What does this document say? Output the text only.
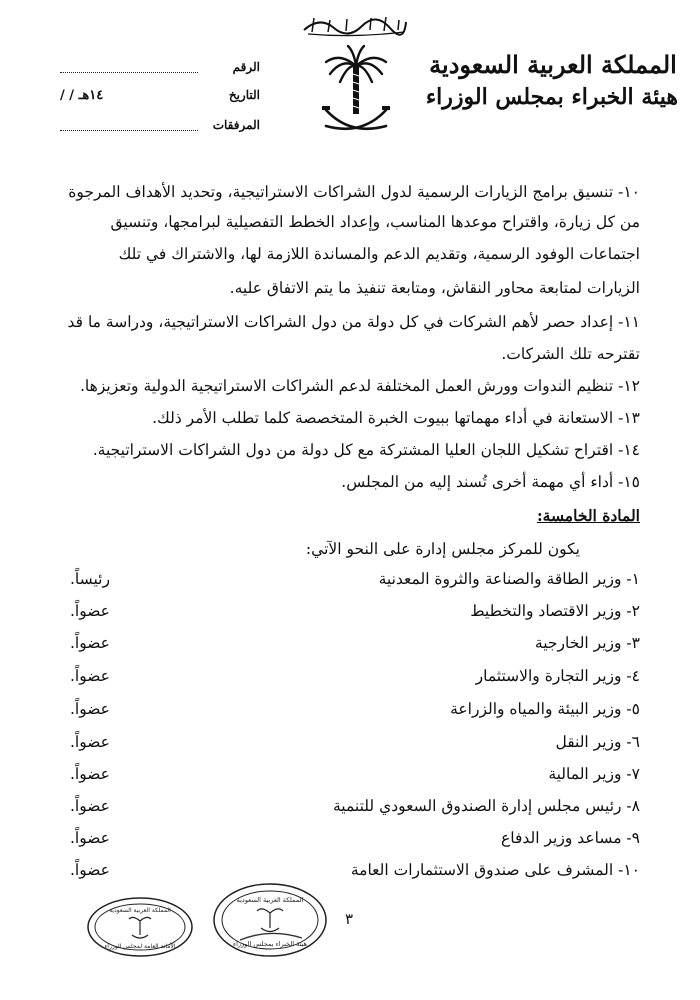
المملكة العربية السعودية
هيئة الخبراء بمجلس الوزراء
الرقم
التاريخ
/ / ١٤هـ
المرفقات
١٠- تنسيق برامج الزيارات الرسمية لدول الشراكات الاستراتيجية، وتحديد الأهداف المرجوة
من كل زيارة، واقتراح موعدها المناسب، وإعداد الخطط التفصيلية لبرامجها، وتنسيق
اجتماعات الوفود الرسمية، وتقديم الدعم والمساندة اللازمة لها، والاشتراك في تلك
الزيارات لمتابعة محاور النقاش، ومتابعة تنفيذ ما يتم الاتفاق عليه.
١١- إعداد حصر لأهم الشركات في كل دولة من دول الشراكات الاستراتيجية، ودراسة ما قد
تقترحه تلك الشركات.
١٢- تنظيم الندوات وورش العمل المختلفة لدعم الشراكات الاستراتيجية الدولية وتعزيزها.
١٣- الاستعانة في أداء مهماتها ببيوت الخبرة المتخصصة كلما تطلب الأمر ذلك.
١٤- اقتراح تشكيل اللجان العليا المشتركة مع كل دولة من دول الشراكات الاستراتيجية.
١٥- أداء أي مهمة أخرى تُسند إليه من المجلس.
المادة الخامسة:
يكون للمركز مجلس إدارة على النحو الآتي:
١- وزير الطاقة والصناعة والثروة المعدنية
رئيساً.
٢- وزير الاقتصاد والتخطيط
عضواً.
٣- وزير الخارجية
عضواً.
٤- وزير التجارة والاستثمار
عضواً.
٥- وزير البيئة والمياه والزراعة
عضواً.
٦- وزير النقل
عضواً.
٧- وزير المالية
عضواً.
٨- رئيس مجلس إدارة الصندوق السعودي للتنمية
عضواً.
٩- مساعد وزير الدفاع
عضواً.
١٠- المشرف على صندوق الاستثمارات العامة
عضواً.
٣
المملكة العربية السعودية
الأمانة العامة لمجلس الوزراء
المملكة العربية السعودية
هيئة الخبراء بمجلس الوزراء
